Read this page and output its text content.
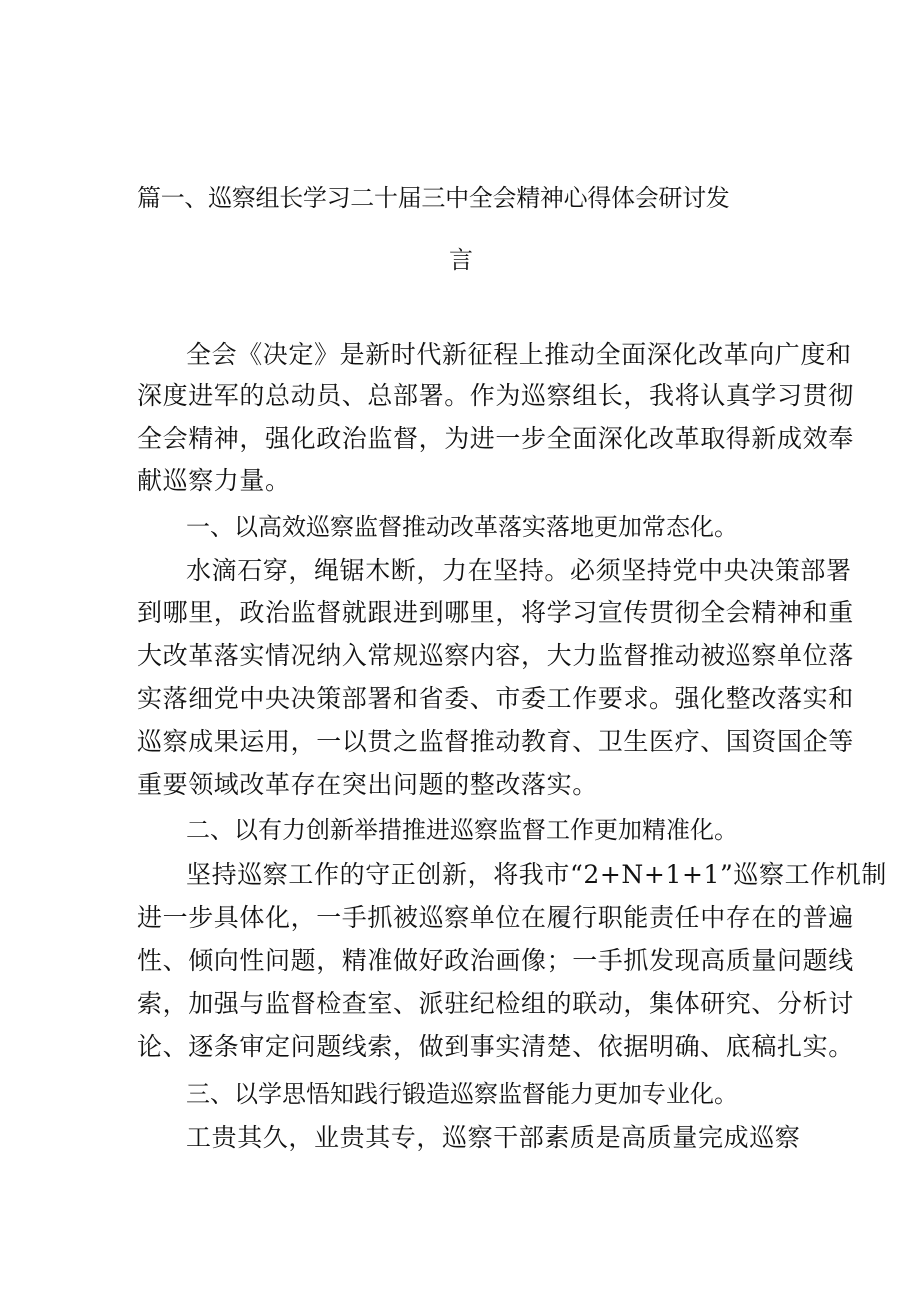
篇一、巡察组长学习二十届三中全会精神心得体会研讨发
言
全会《决定》是新时代新征程上推动全面深化改革向广度和
深度进军的总动员、总部署。作为巡察组长，我将认真学习贯彻
全会精神，强化政治监督，为进一步全面深化改革取得新成效奉
献巡察力量。
一、以高效巡察监督推动改革落实落地更加常态化。
水滴石穿，绳锯木断，力在坚持。必须坚持党中央决策部署
到哪里，政治监督就跟进到哪里，将学习宣传贯彻全会精神和重
大改革落实情况纳入常规巡察内容，大力监督推动被巡察单位落
实落细党中央决策部署和省委、市委工作要求。强化整改落实和
巡察成果运用，一以贯之监督推动教育、卫生医疗、国资国企等
重要领域改革存在突出问题的整改落实。
二、以有力创新举措推进巡察监督工作更加精准化。
坚持巡察工作的守正创新，将我市“2+N+1+1”巡察工作机制
进一步具体化，一手抓被巡察单位在履行职能责任中存在的普遍
性、倾向性问题，精准做好政治画像；一手抓发现高质量问题线
索，加强与监督检查室、派驻纪检组的联动，集体研究、分析讨
论、逐条审定问题线索，做到事实清楚、依据明确、底稿扎实。
三、以学思悟知践行锻造巡察监督能力更加专业化。
工贵其久，业贵其专，巡察干部素质是高质量完成巡察
